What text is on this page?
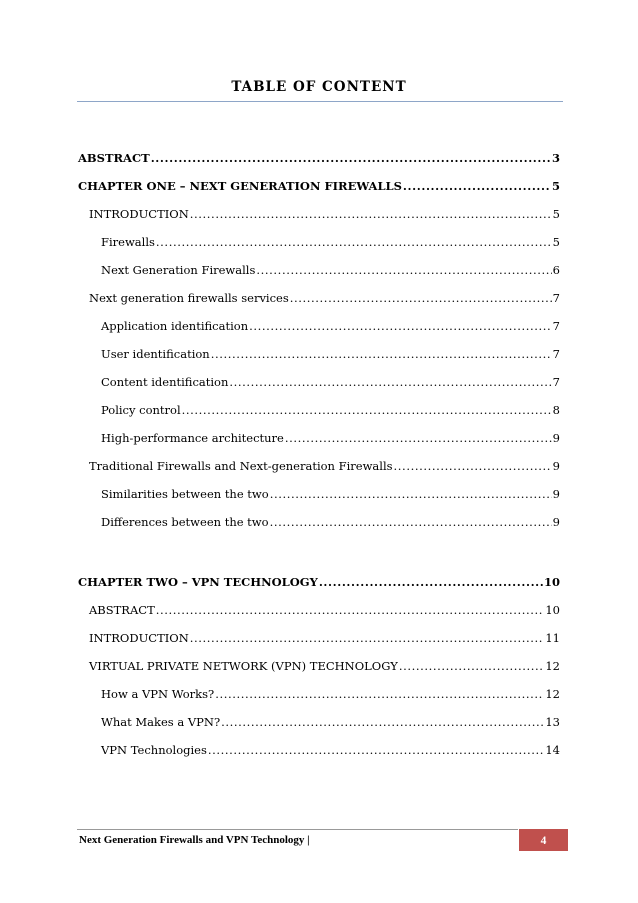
TABLE OF CONTENT
ABSTRACT .....	3
CHAPTER ONE – NEXT GENERATION FIREWALLS .....	5
INTRODUCTION .....	5
Firewalls .....	5
Next Generation Firewalls .....	6
Next generation firewalls services .....	7
Application identification .....	7
User identification .....	7
Content identification .....	7
Policy control .....	8
High-performance architecture .....	9
Traditional Firewalls and Next-generation Firewalls .....	9
Similarities between the two .....	9
Differences between the two .....	9
CHAPTER TWO – VPN TECHNOLOGY .....	10
ABSTRACT .....	10
INTRODUCTION .....	11
VIRTUAL PRIVATE NETWORK (VPN) TECHNOLOGY .....	12
How a VPN Works? .....	12
What Makes a VPN? .....	13
VPN Technologies .....	14
Next Generation Firewalls and VPN Technology |	4
